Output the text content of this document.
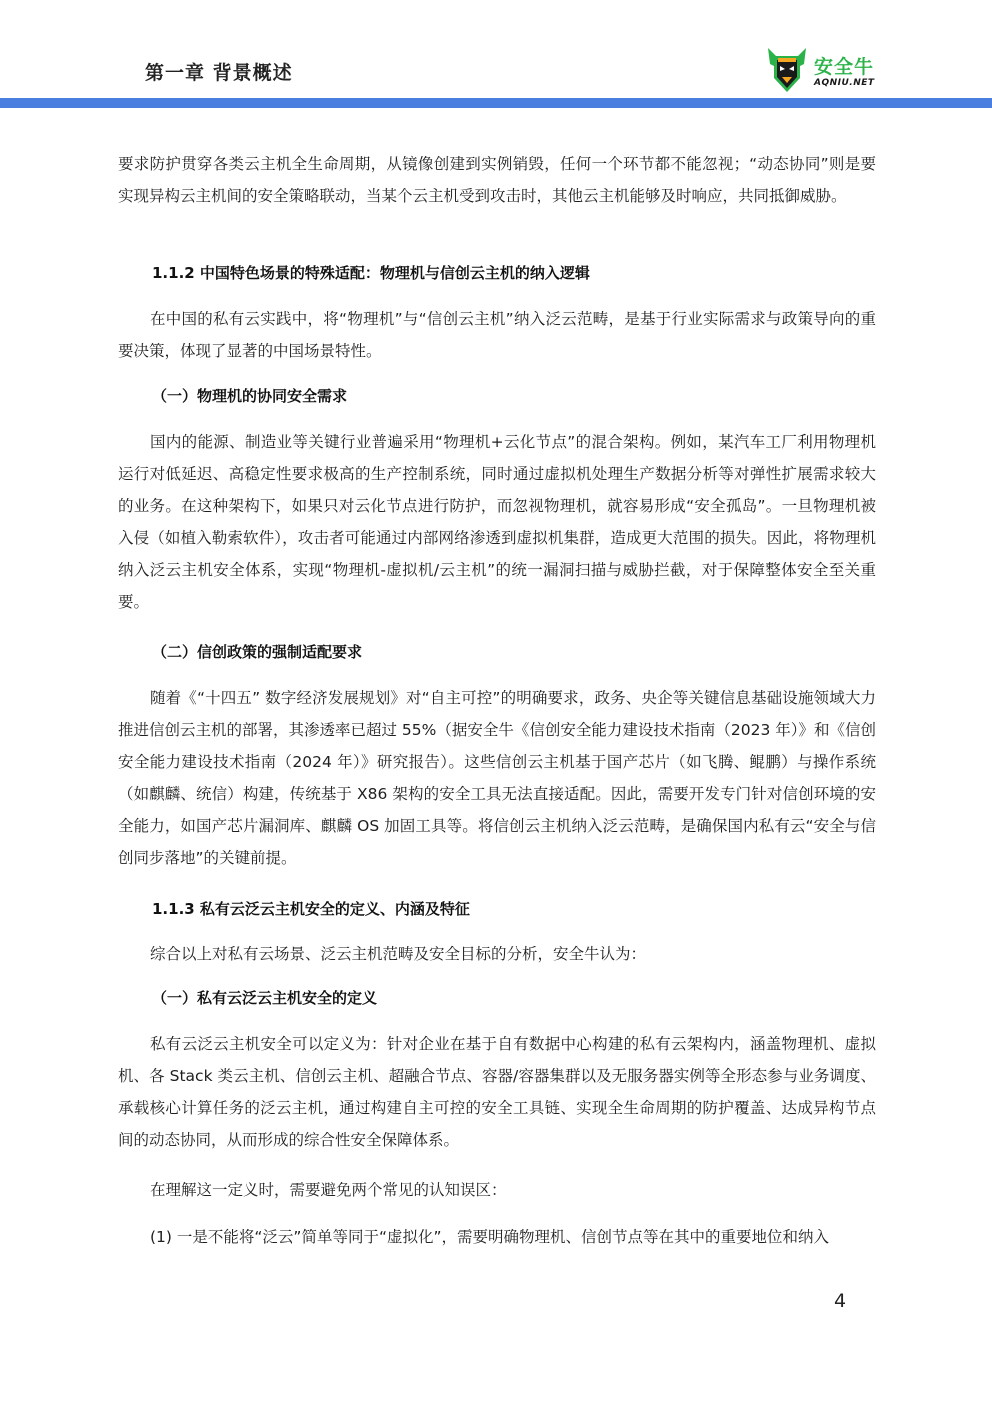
第一章 背景概述	安全牛
AQNIU.NET

要求防护贯穿各类云主机全生命周期，从镜像创建到实例销毁，任何一个环节都不能忽视；“动态协同”则是要实现异构云主机间的安全策略联动，当某个云主机受到攻击时，其他云主机能够及时响应，共同抵御威胁。

1.1.2 中国特色场景的特殊适配：物理机与信创云主机的纳入逻辑

在中国的私有云实践中，将“物理机”与“信创云主机”纳入泛云范畴，是基于行业实际需求与政策导向的重要决策，体现了显著的中国场景特性。

（一）物理机的协同安全需求

国内的能源、制造业等关键行业普遍采用“物理机+云化节点”的混合架构。例如，某汽车工厂利用物理机运行对低延迟、高稳定性要求极高的生产控制系统，同时通过虚拟机处理生产数据分析等对弹性扩展需求较大的业务。在这种架构下，如果只对云化节点进行防护，而忽视物理机，就容易形成“安全孤岛”。一旦物理机被入侵（如植入勒索软件），攻击者可能通过内部网络渗透到虚拟机集群，造成更大范围的损失。因此，将物理机纳入泛云主机安全体系，实现“物理机-虚拟机/云主机”的统一漏洞扫描与威胁拦截，对于保障整体安全至关重要。

（二）信创政策的强制适配要求

随着《“十四五” 数字经济发展规划》对“自主可控”的明确要求，政务、央企等关键信息基础设施领域大力推进信创云主机的部署，其渗透率已超过 55%（据安全牛《信创安全能力建设技术指南（2023 年）》和《信创安全能力建设技术指南（2024 年）》研究报告）。这些信创云主机基于国产芯片（如飞腾、鲲鹏）与操作系统（如麒麟、统信）构建，传统基于 X86 架构的安全工具无法直接适配。因此，需要开发专门针对信创环境的安全能力，如国产芯片漏洞库、麒麟 OS 加固工具等。将信创云主机纳入泛云范畴，是确保国内私有云“安全与信创同步落地”的关键前提。

1.1.3 私有云泛云主机安全的定义、内涵及特征

综合以上对私有云场景、泛云主机范畴及安全目标的分析，安全牛认为：

（一）私有云泛云主机安全的定义

私有云泛云主机安全可以定义为：针对企业在基于自有数据中心构建的私有云架构内，涵盖物理机、虚拟机、各 Stack 类云主机、信创云主机、超融合节点、容器/容器集群以及无服务器实例等全形态参与业务调度、承载核心计算任务的泛云主机，通过构建自主可控的安全工具链、实现全生命周期的防护覆盖、达成异构节点间的动态协同，从而形成的综合性安全保障体系。

在理解这一定义时，需要避免两个常见的认知误区：

(1) 一是不能将“泛云”简单等同于“虚拟化”，需要明确物理机、信创节点等在其中的重要地位和纳入

4
